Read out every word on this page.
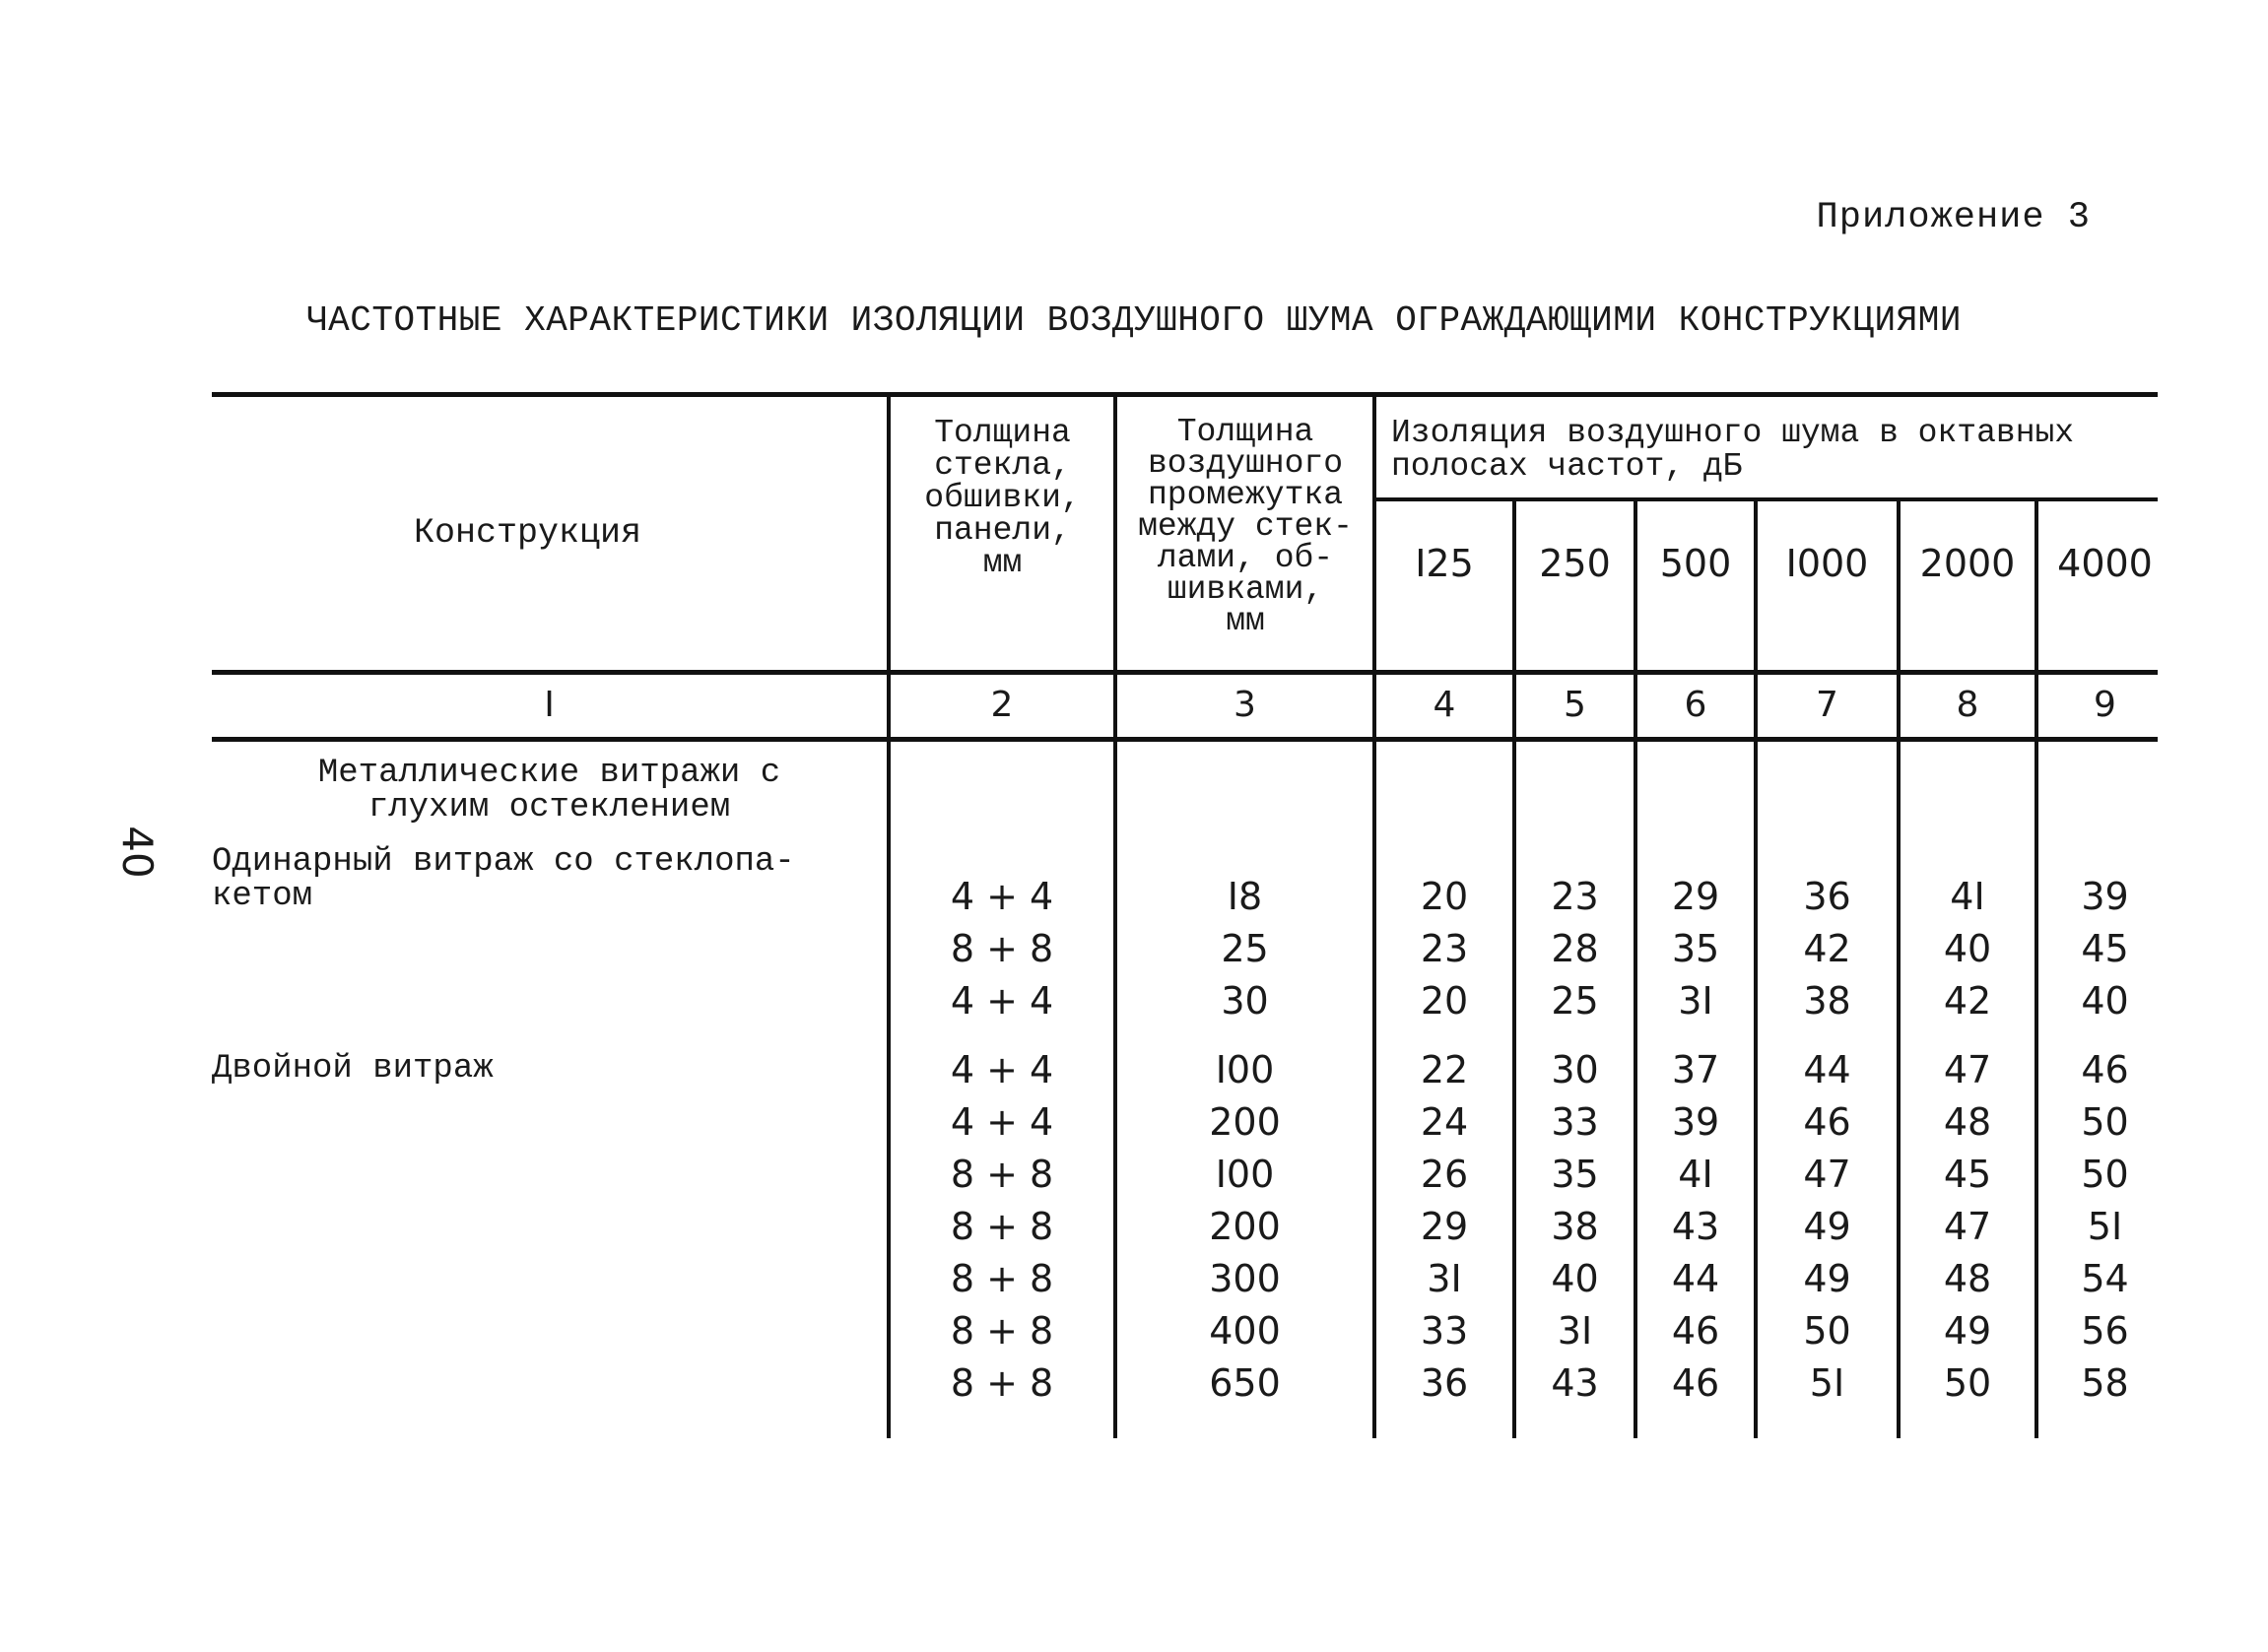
Приложение 3
ЧАСТОТНЫЕ ХАРАКТЕРИСТИКИ ИЗОЛЯЦИИ ВОЗДУШНОГО ШУМА ОГРАЖДАЮЩИМИ КОНСТРУКЦИЯМИ
40
Конструкция
Толщина
стекла,
обшивки,
панели,
мм
Толщина
воздушного
промежутка
между стек-
лами, об-
шивками,
мм
Изоляция воздушного шума в октавных
полосах частот, дБ
I25	250	500	I000	2000	4000
I	2	3	4	5	6	7	8	9
Металлические витражи с
глухим остеклением
Одинарный витраж со стеклопа-
кетом
Двойной витраж
4 + 4	I8	20	23	29	36	4I	39
8 + 8	25	23	28	35	42	40	45
4 + 4	30	20	25	3I	38	42	40
4 + 4	I00	22	30	37	44	47	46
4 + 4	200	24	33	39	46	48	50
8 + 8	I00	26	35	4I	47	45	50
8 + 8	200	29	38	43	49	47	5I
8 + 8	300	3I	40	44	49	48	54
8 + 8	400	33	3I	46	50	49	56
8 + 8	650	36	43	46	5I	50	58
